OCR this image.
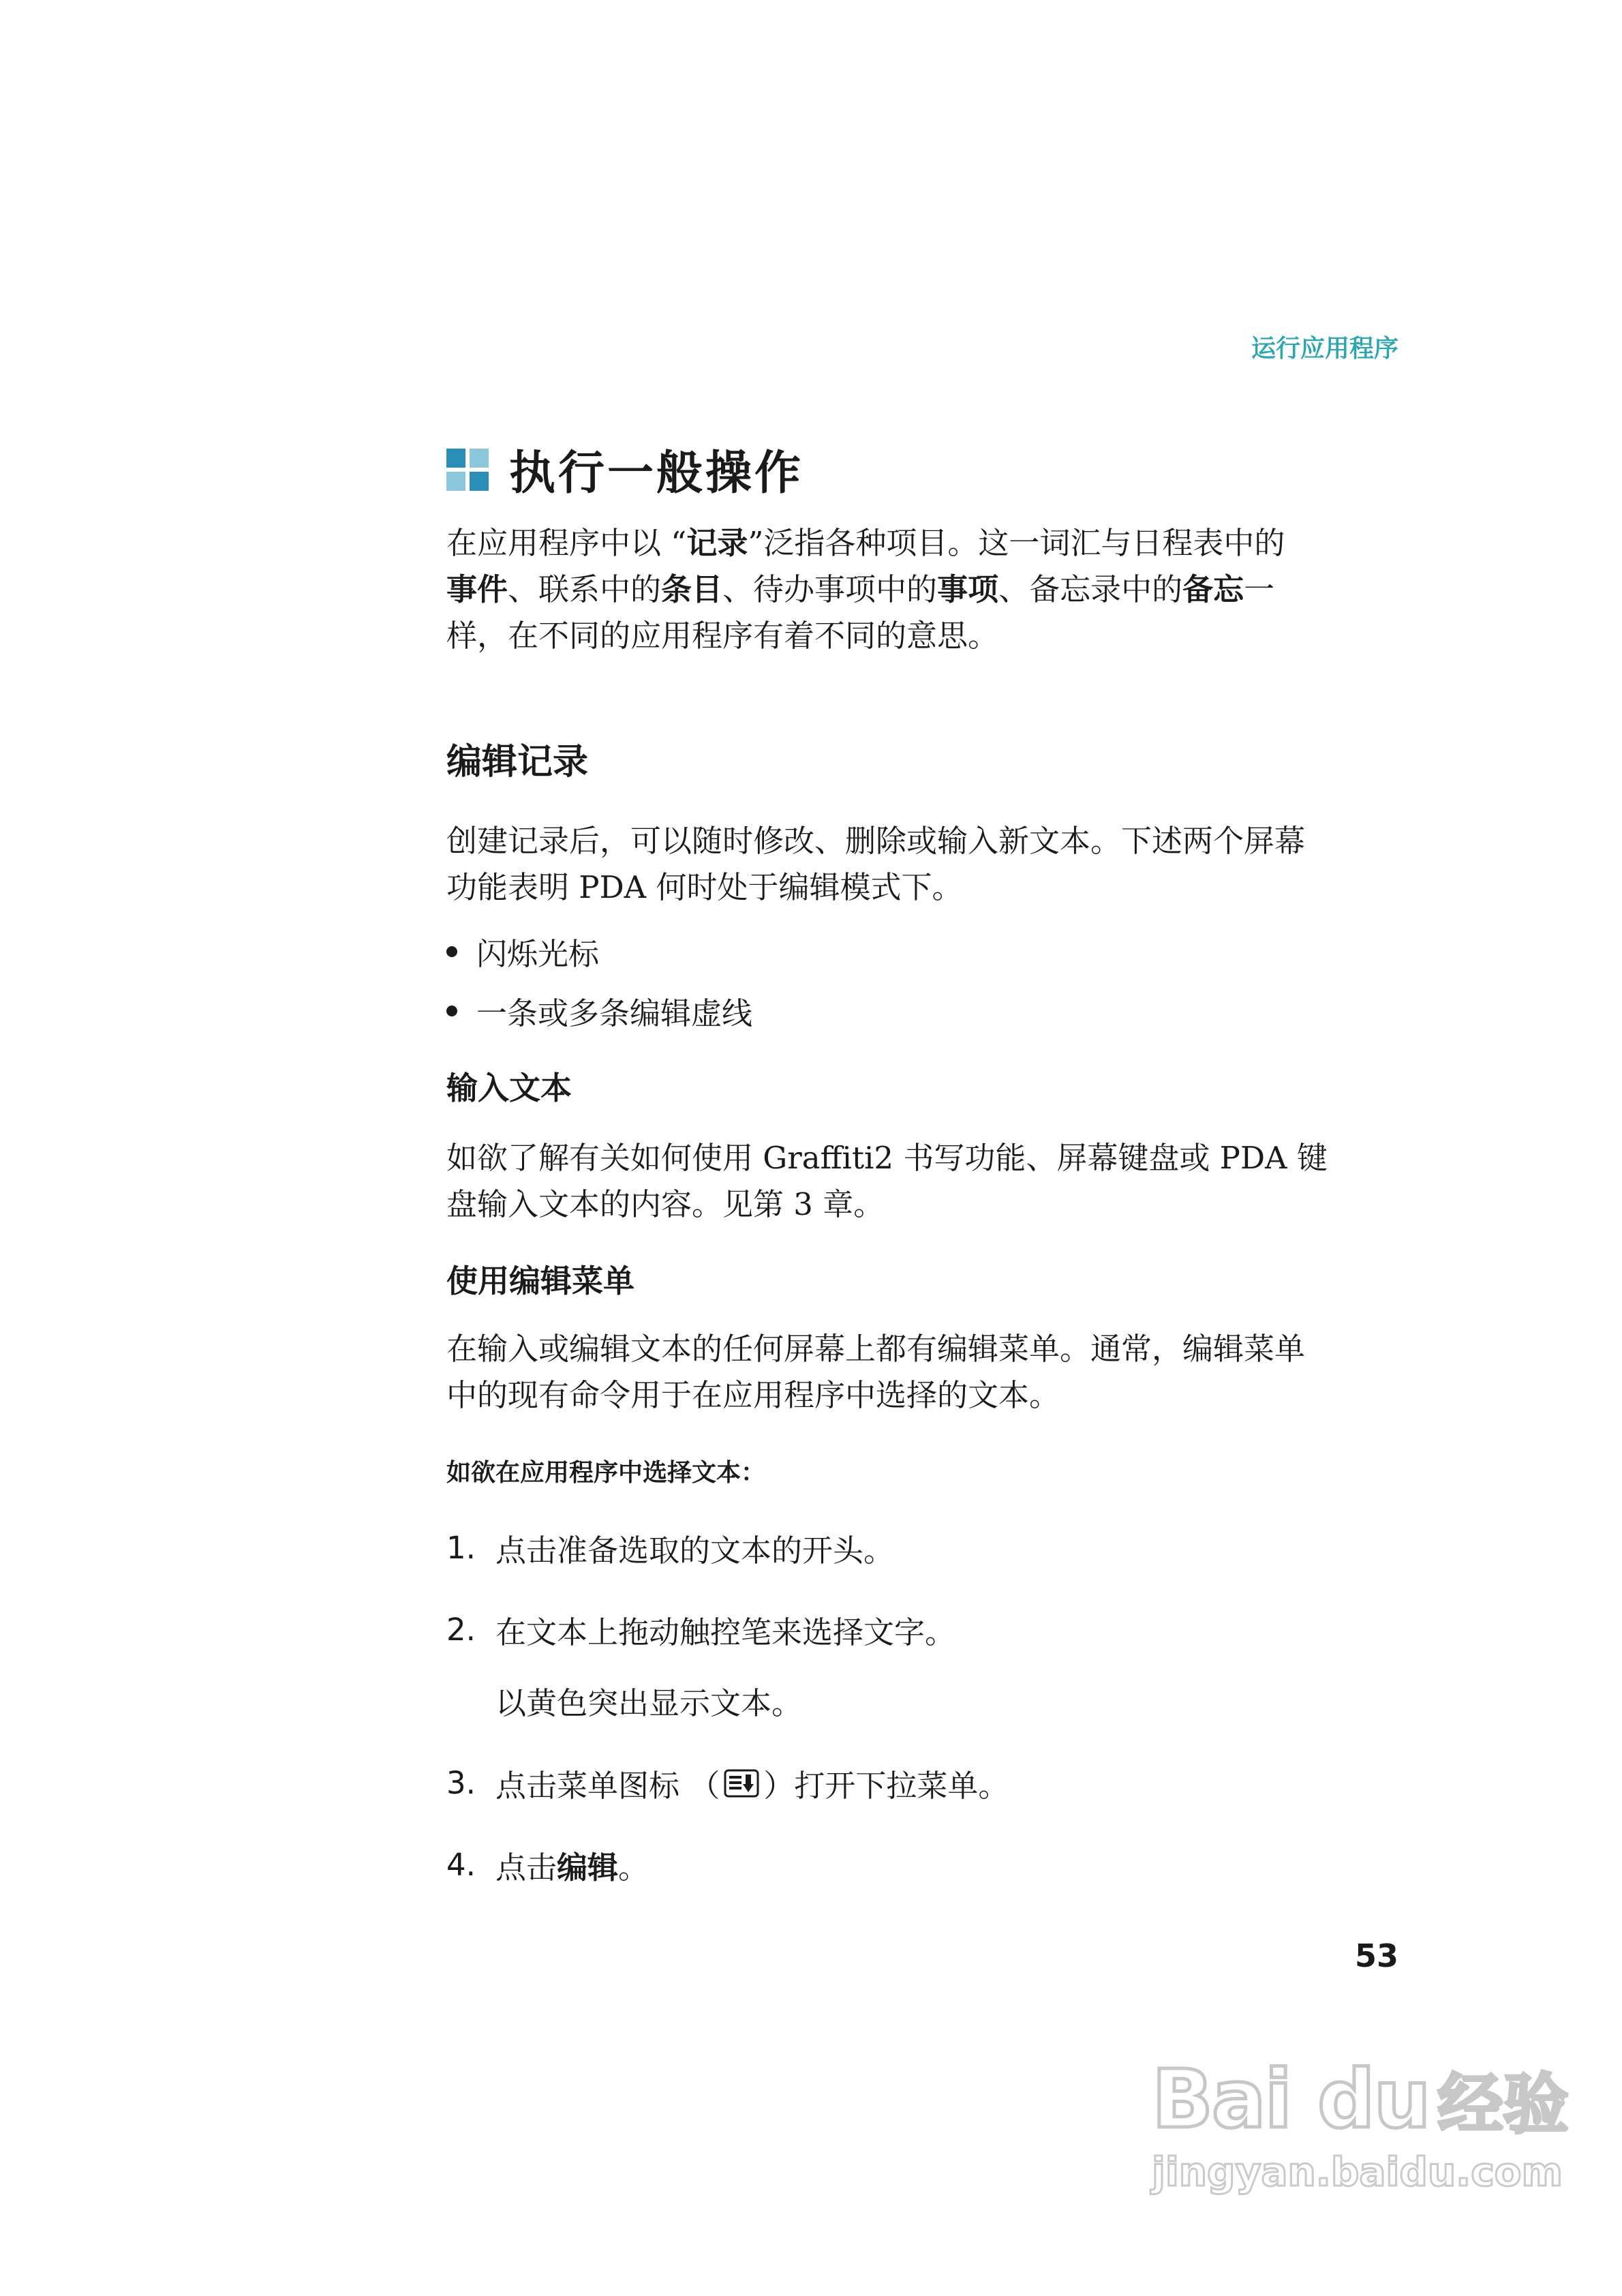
运行应用程序
执行一般操作
在应用程序中以 “记录”泛指各种项目。这一词汇与日程表中的
事件、联系中的条目、待办事项中的事项、备忘录中的备忘一
样，在不同的应用程序有着不同的意思。
编辑记录
创建记录后，可以随时修改、删除或输入新文本。下述两个屏幕
功能表明 PDA 何时处于编辑模式下。
闪烁光标
一条或多条编辑虚线
输入文本
如欲了解有关如何使用 Graffiti2 书写功能、屏幕键盘或 PDA 键
盘输入文本的内容。见第 3 章。
使用编辑菜单
在输入或编辑文本的任何屏幕上都有编辑菜单。通常，编辑菜单
中的现有命令用于在应用程序中选择的文本。
如欲在应用程序中选择文本：
1. 点击准备选取的文本的开头。
2. 在文本上拖动触控笔来选择文字。
以黄色突出显示文本。
3. 点击菜单图标 （ ）打开下拉菜单。
4. 点击 编辑 。
53
Bai du 经验
jingyan.baidu.com
